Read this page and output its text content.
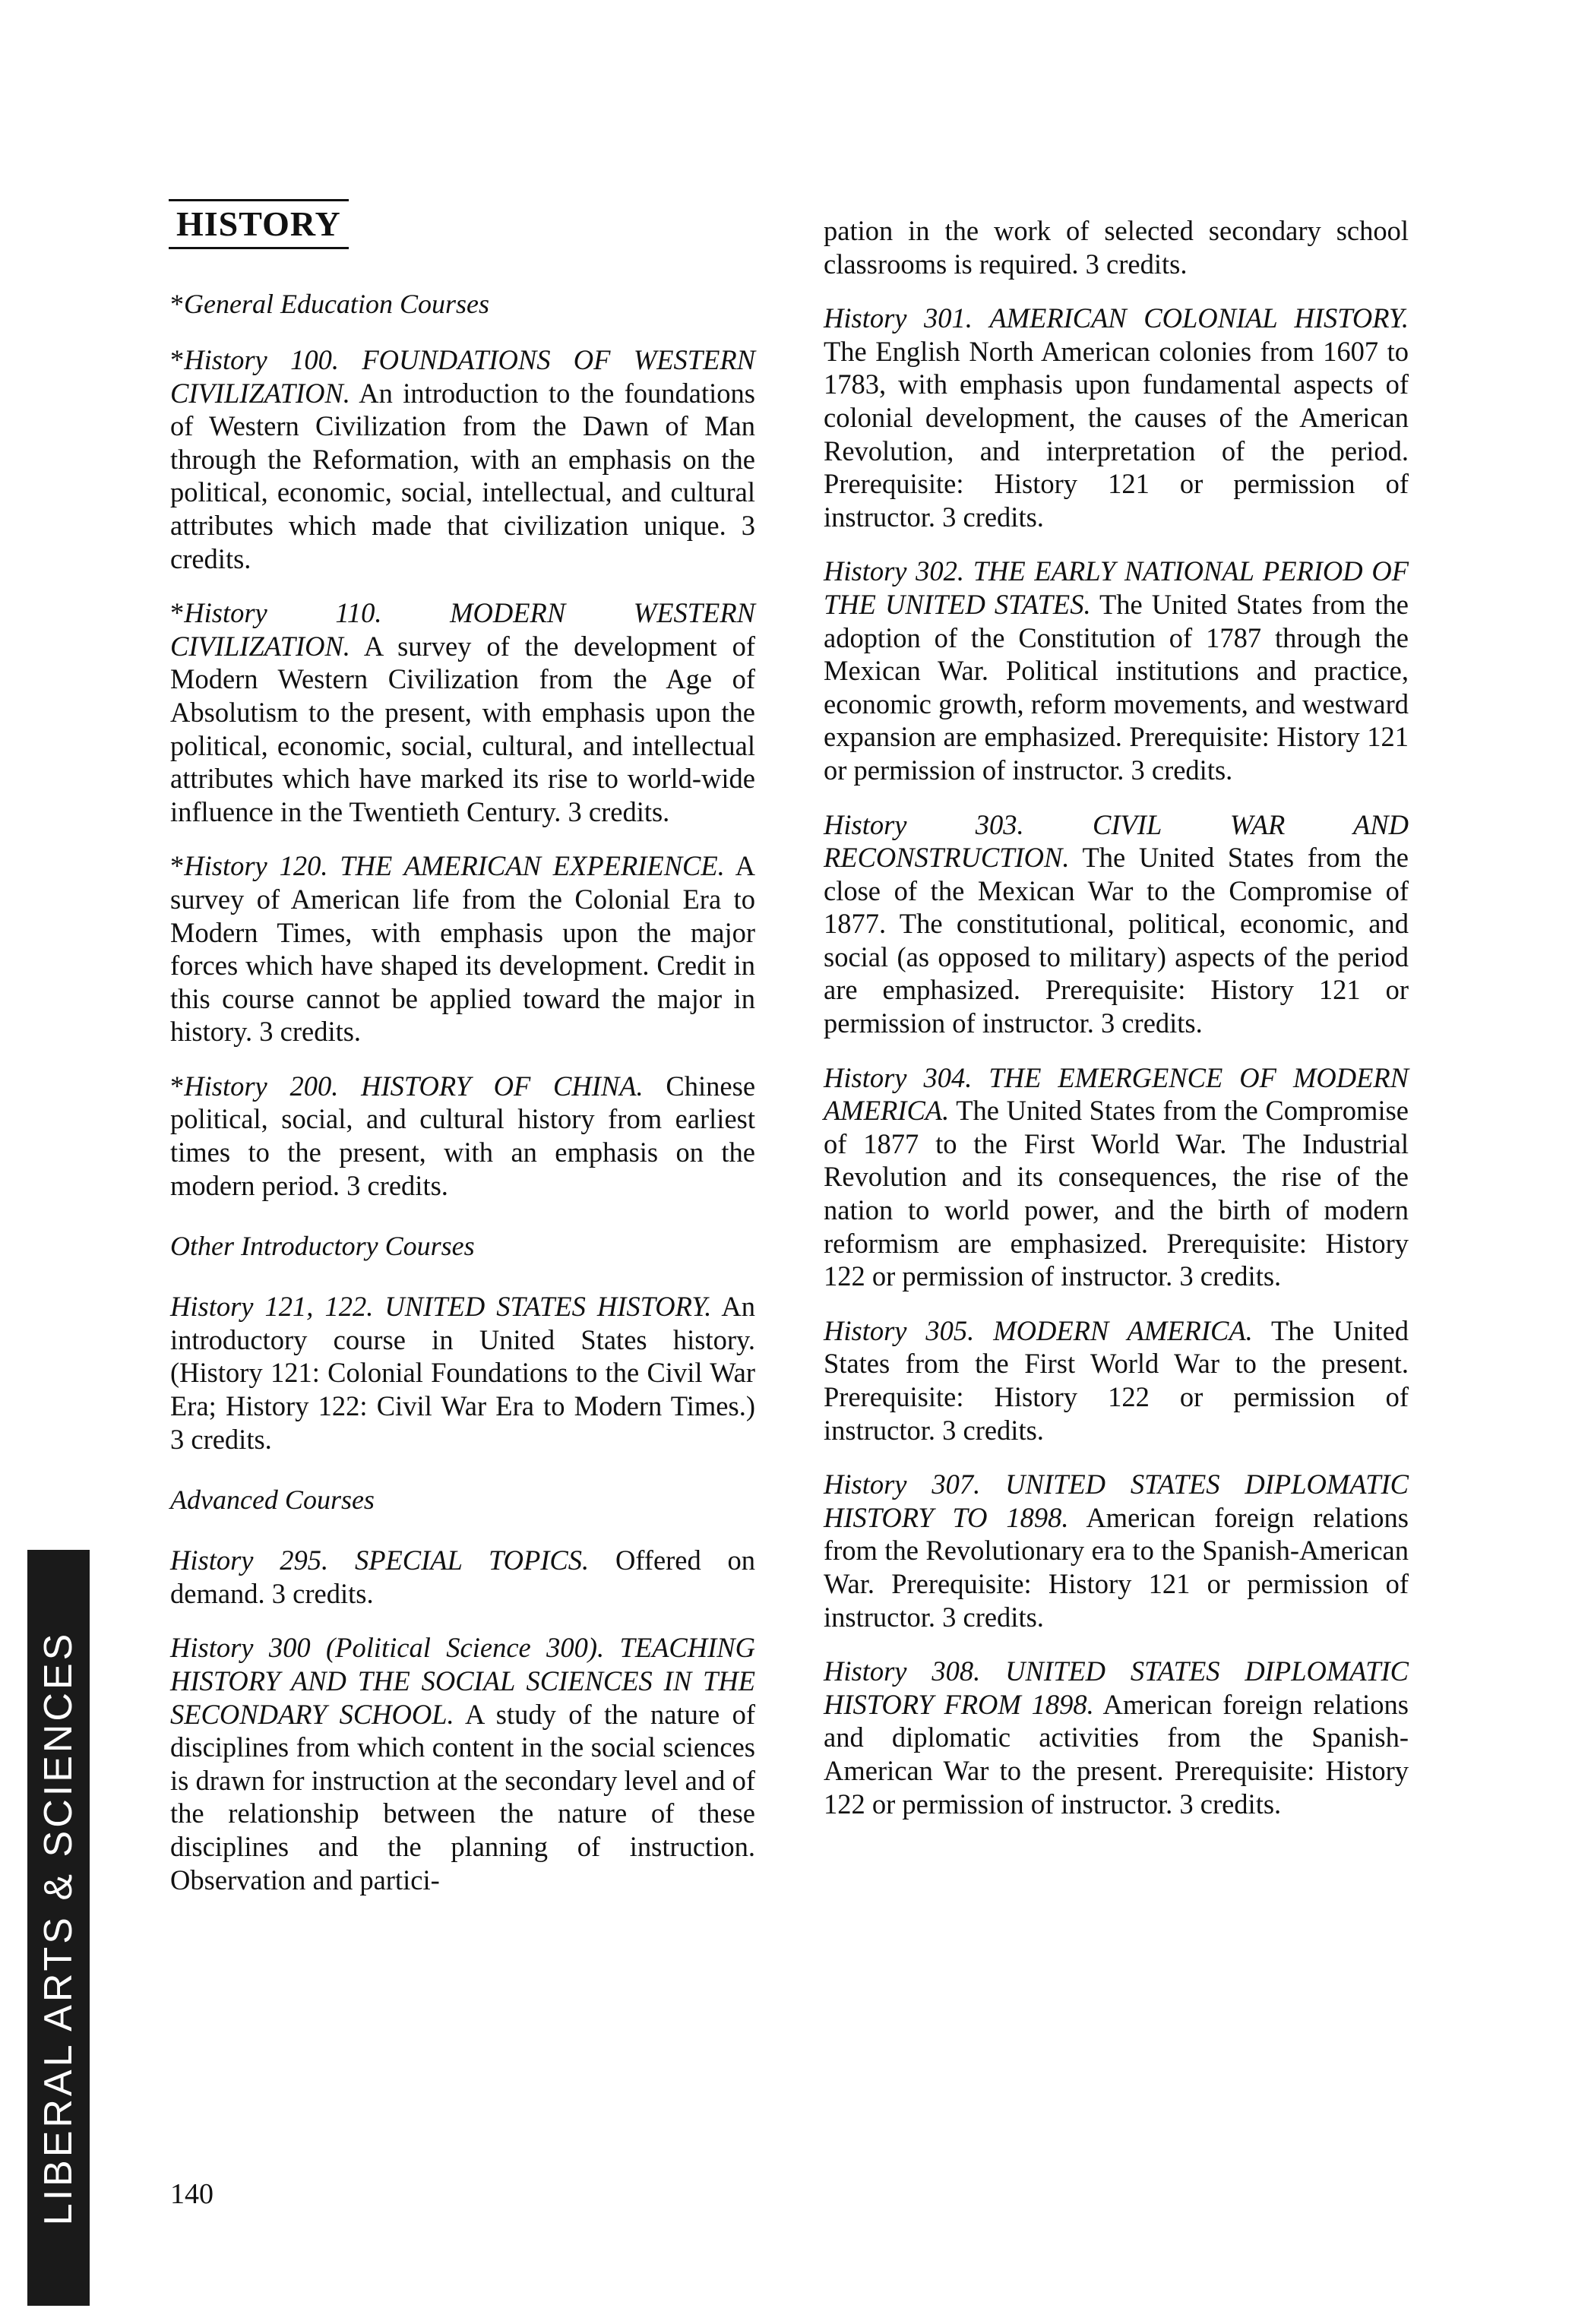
HISTORY

*General Education Courses

*History 100. FOUNDATIONS OF WESTERN CIVILIZATION. An introduction to the foundations of Western Civilization from the Dawn of Man through the Reformation, with an emphasis on the political, economic, social, intellectual, and cultural attributes which made that civilization unique. 3 credits.

*History 110. MODERN WESTERN CIVILIZATION. A survey of the development of Modern Western Civilization from the Age of Absolutism to the present, with emphasis upon the political, economic, social, cultural, and intellectual attributes which have marked its rise to world-wide influence in the Twentieth Century. 3 credits.

*History 120. THE AMERICAN EXPERIENCE. A survey of American life from the Colonial Era to Modern Times, with emphasis upon the major forces which have shaped its development. Credit in this course cannot be applied toward the major in history. 3 credits.

*History 200. HISTORY OF CHINA. Chinese political, social, and cultural history from earliest times to the present, with an emphasis on the modern period. 3 credits.

Other Introductory Courses

History 121, 122. UNITED STATES HISTORY. An introductory course in United States history. (History 121: Colonial Foundations to the Civil War Era; History 122: Civil War Era to Modern Times.) 3 credits.

Advanced Courses

History 295. SPECIAL TOPICS. Offered on demand. 3 credits.

History 300 (Political Science 300). TEACHING HISTORY AND THE SOCIAL SCIENCES IN THE SECONDARY SCHOOL. A study of the nature of disciplines from which content in the social sciences is drawn for instruction at the secondary level and of the relationship between the nature of these disciplines and the planning of instruction. Observation and partici-

pation in the work of selected secondary school classrooms is required. 3 credits.

History 301. AMERICAN COLONIAL HISTORY. The English North American colonies from 1607 to 1783, with emphasis upon fundamental aspects of colonial development, the causes of the American Revolution, and interpretation of the period. Prerequisite: History 121 or permission of instructor. 3 credits.

History 302. THE EARLY NATIONAL PERIOD OF THE UNITED STATES. The United States from the adoption of the Constitution of 1787 through the Mexican War. Political institutions and practice, economic growth, reform movements, and westward expansion are emphasized. Prerequisite: History 121 or permission of instructor. 3 credits.

History 303. CIVIL WAR AND RECONSTRUCTION. The United States from the close of the Mexican War to the Compromise of 1877. The constitutional, political, economic, and social (as opposed to military) aspects of the period are emphasized. Prerequisite: History 121 or permission of instructor. 3 credits.

History 304. THE EMERGENCE OF MODERN AMERICA. The United States from the Compromise of 1877 to the First World War. The Industrial Revolution and its consequences, the rise of the nation to world power, and the birth of modern reformism are emphasized. Prerequisite: History 122 or permission of instructor. 3 credits.

History 305. MODERN AMERICA. The United States from the First World War to the present. Prerequisite: History 122 or permission of instructor. 3 credits.

History 307. UNITED STATES DIPLOMATIC HISTORY TO 1898. American foreign relations from the Revolutionary era to the Spanish-American War. Prerequisite: History 121 or permission of instructor. 3 credits.

History 308. UNITED STATES DIPLOMATIC HISTORY FROM 1898. American foreign relations and diplomatic activities from the Spanish-American War to the present. Prerequisite: History 122 or permission of instructor. 3 credits.

140
LIBERAL ARTS & SCIENCES
